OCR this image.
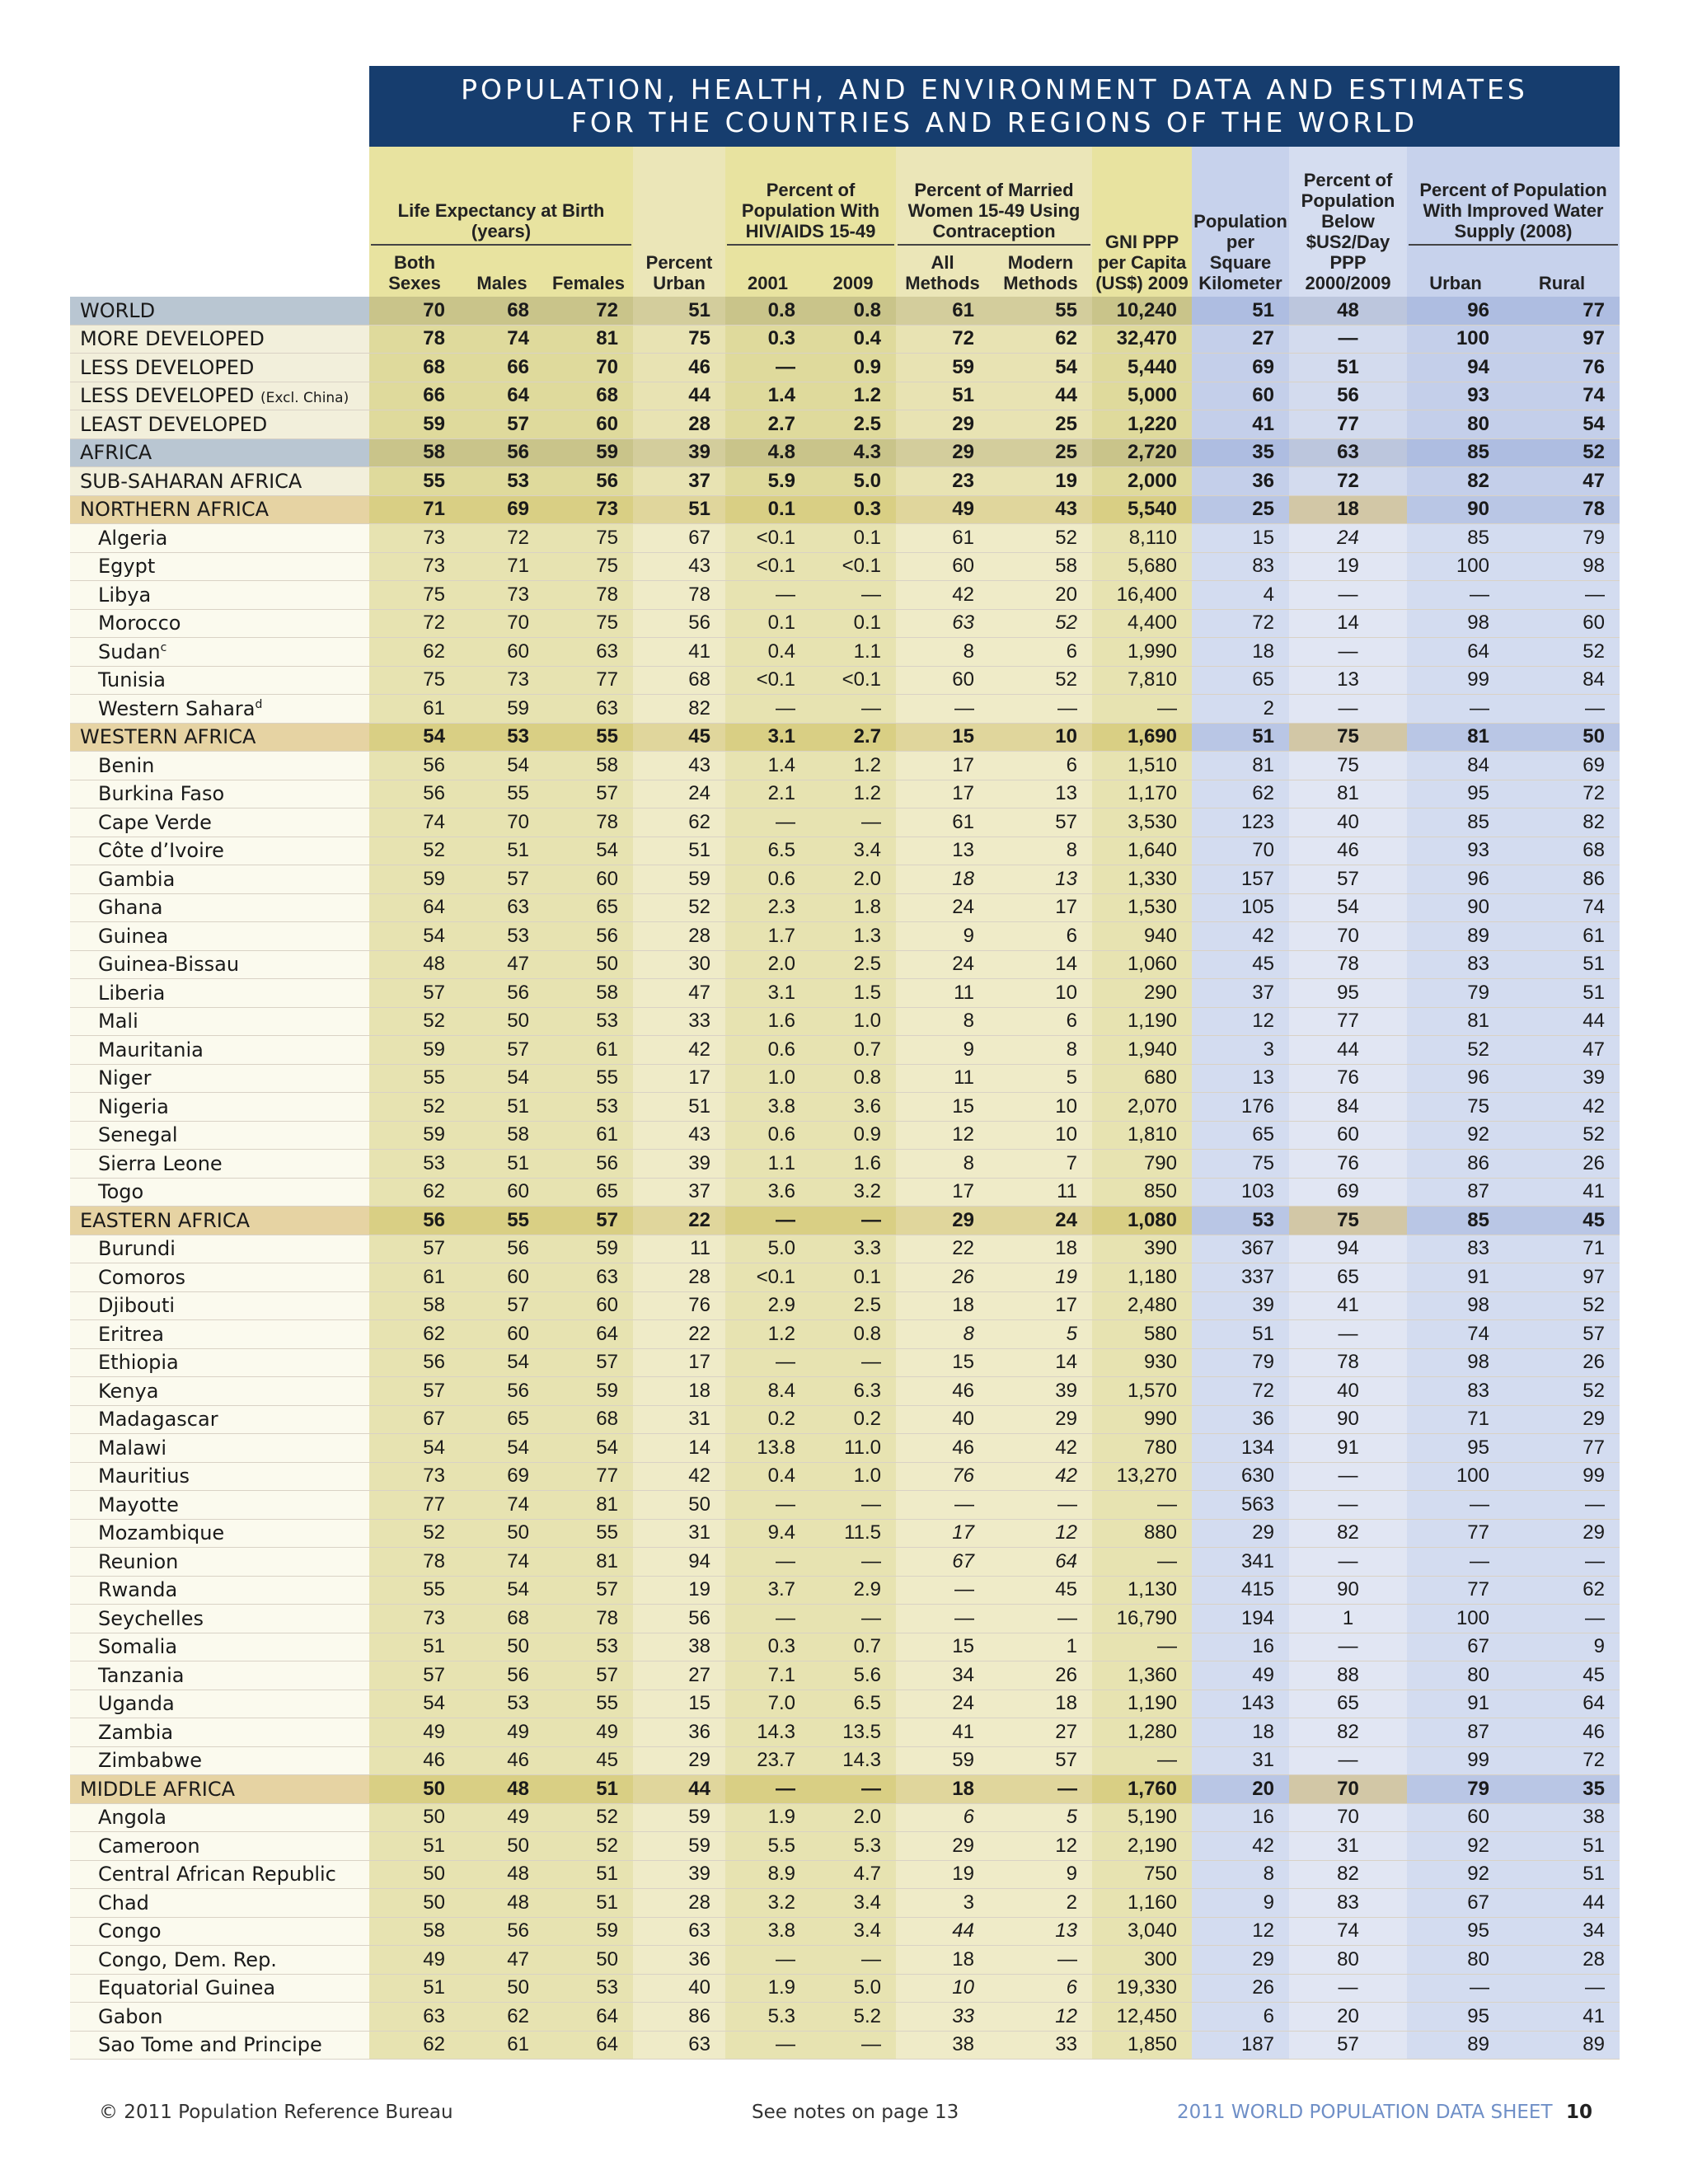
POPULATION, HEALTH, AND ENVIRONMENT DATA AND ESTIMATES
FOR THE COUNTRIES AND REGIONS OF THE WORLD
	Life Expectancy at Birth (years)			Percent Urban	Percent of Population With HIV/AIDS 15-49		Percent of Married Women 15-49 Using Contraception		GNI PPP per Capita (US$) 2009	Population per Square Kilometer	Percent of Population Below $US2/Day PPP 2000/2009	Percent of Population With Improved Water Supply (2008)	
	Both Sexes	Males	Females		2001	2009	All Methods	Modern Methods				Urban	Rural
WORLD	70	68	72	51	0.8	0.8	61	55	10,240	51	48	96	77
MORE DEVELOPED	78	74	81	75	0.3	0.4	72	62	32,470	27	—	100	97
LESS DEVELOPED	68	66	70	46	—	0.9	59	54	5,440	69	51	94	76
LESS DEVELOPED (Excl. China)	66	64	68	44	1.4	1.2	51	44	5,000	60	56	93	74
LEAST DEVELOPED	59	57	60	28	2.7	2.5	29	25	1,220	41	77	80	54
AFRICA	58	56	59	39	4.8	4.3	29	25	2,720	35	63	85	52
SUB-SAHARAN AFRICA	55	53	56	37	5.9	5.0	23	19	2,000	36	72	82	47
NORTHERN AFRICA	71	69	73	51	0.1	0.3	49	43	5,540	25	18	90	78
Algeria	73	72	75	67	<0.1	0.1	61	52	8,110	15	24	85	79
Egypt	73	71	75	43	<0.1	<0.1	60	58	5,680	83	19	100	98
Libya	75	73	78	78	—	—	42	20	16,400	4	—	—	—
Morocco	72	70	75	56	0.1	0.1	63	52	4,400	72	14	98	60
Sudan$^c$	62	60	63	41	0.4	1.1	8	6	1,990	18	—	64	52
Tunisia	75	73	77	68	<0.1	<0.1	60	52	7,810	65	13	99	84
Western Sahara$^d$	61	59	63	82	—	—	—	—	—	2	—	—	—
WESTERN AFRICA	54	53	55	45	3.1	2.7	15	10	1,690	51	75	81	50
Benin	56	54	58	43	1.4	1.2	17	6	1,510	81	75	84	69
Burkina Faso	56	55	57	24	2.1	1.2	17	13	1,170	62	81	95	72
Cape Verde	74	70	78	62	—	—	61	57	3,530	123	40	85	82
Côte d’Ivoire	52	51	54	51	6.5	3.4	13	8	1,640	70	46	93	68
Gambia	59	57	60	59	0.6	2.0	18	13	1,330	157	57	96	86
Ghana	64	63	65	52	2.3	1.8	24	17	1,530	105	54	90	74
Guinea	54	53	56	28	1.7	1.3	9	6	940	42	70	89	61
Guinea-Bissau	48	47	50	30	2.0	2.5	24	14	1,060	45	78	83	51
Liberia	57	56	58	47	3.1	1.5	11	10	290	37	95	79	51
Mali	52	50	53	33	1.6	1.0	8	6	1,190	12	77	81	44
Mauritania	59	57	61	42	0.6	0.7	9	8	1,940	3	44	52	47
Niger	55	54	55	17	1.0	0.8	11	5	680	13	76	96	39
Nigeria	52	51	53	51	3.8	3.6	15	10	2,070	176	84	75	42
Senegal	59	58	61	43	0.6	0.9	12	10	1,810	65	60	92	52
Sierra Leone	53	51	56	39	1.1	1.6	8	7	790	75	76	86	26
Togo	62	60	65	37	3.6	3.2	17	11	850	103	69	87	41
EASTERN AFRICA	56	55	57	22	—	—	29	24	1,080	53	75	85	45
Burundi	57	56	59	11	5.0	3.3	22	18	390	367	94	83	71
Comoros	61	60	63	28	<0.1	0.1	26	19	1,180	337	65	91	97
Djibouti	58	57	60	76	2.9	2.5	18	17	2,480	39	41	98	52
Eritrea	62	60	64	22	1.2	0.8	8	5	580	51	—	74	57
Ethiopia	56	54	57	17	—	—	15	14	930	79	78	98	26
Kenya	57	56	59	18	8.4	6.3	46	39	1,570	72	40	83	52
Madagascar	67	65	68	31	0.2	0.2	40	29	990	36	90	71	29
Malawi	54	54	54	14	13.8	11.0	46	42	780	134	91	95	77
Mauritius	73	69	77	42	0.4	1.0	76	42	13,270	630	—	100	99
Mayotte	77	74	81	50	—	—	—	—	—	563	—	—	—
Mozambique	52	50	55	31	9.4	11.5	17	12	880	29	82	77	29
Reunion	78	74	81	94	—	—	67	64	—	341	—	—	—
Rwanda	55	54	57	19	3.7	2.9	—	45	1,130	415	90	77	62
Seychelles	73	68	78	56	—	—	—	—	16,790	194	1	100	—
Somalia	51	50	53	38	0.3	0.7	15	1	—	16	—	67	9
Tanzania	57	56	57	27	7.1	5.6	34	26	1,360	49	88	80	45
Uganda	54	53	55	15	7.0	6.5	24	18	1,190	143	65	91	64
Zambia	49	49	49	36	14.3	13.5	41	27	1,280	18	82	87	46
Zimbabwe	46	46	45	29	23.7	14.3	59	57	—	31	—	99	72
MIDDLE AFRICA	50	48	51	44	—	—	18	—	1,760	20	70	79	35
Angola	50	49	52	59	1.9	2.0	6	5	5,190	16	70	60	38
Cameroon	51	50	52	59	5.5	5.3	29	12	2,190	42	31	92	51
Central African Republic	50	48	51	39	8.9	4.7	19	9	750	8	82	92	51
Chad	50	48	51	28	3.2	3.4	3	2	1,160	9	83	67	44
Congo	58	56	59	63	3.8	3.4	44	13	3,040	12	74	95	34
Congo, Dem. Rep.	49	47	50	36	—	—	18	—	300	29	80	80	28
Equatorial Guinea	51	50	53	40	1.9	5.0	10	6	19,330	26	—	—	—
Gabon	63	62	64	86	5.3	5.2	33	12	12,450	6	20	95	41
Sao Tome and Principe	62	61	64	63	—	—	38	33	1,850	187	57	89	89
© 2011 Population Reference Bureau	See notes on page 13	2011 WORLD POPULATION DATA SHEET 10
